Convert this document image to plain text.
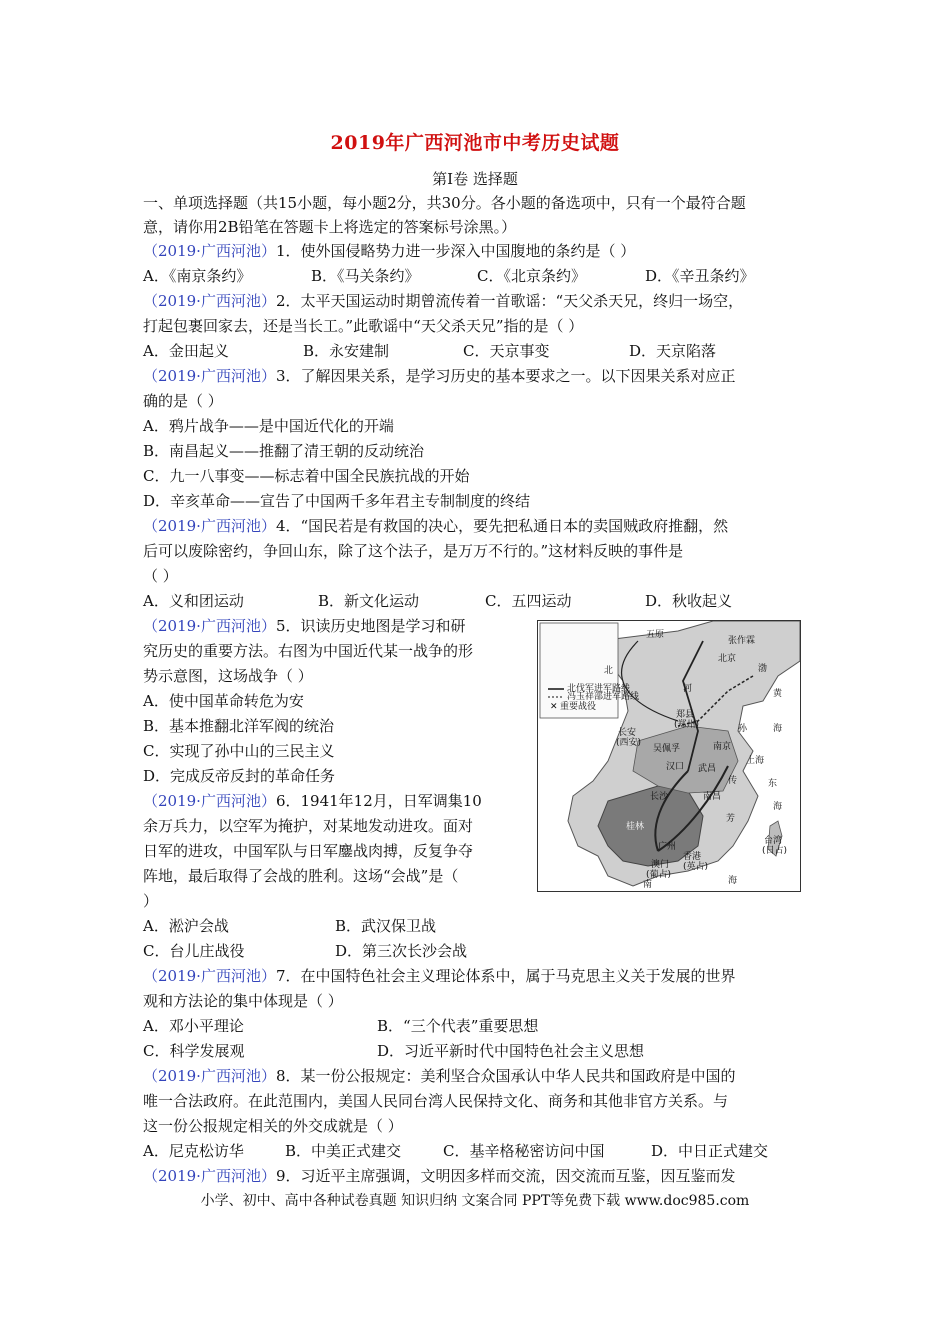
2019年广西河池市中考历史试题
第Ⅰ卷 选择题
一、单项选择题（共15小题，每小题2分，共30分。各小题的备选项中，只有一个最符合题
意，请你用2B铅笔在答题卡上将选定的答案标号涂黑。）
（2019·广西河池）1．使外国侵略势力进一步深入中国腹地的条约是（ ）
A．《南京条约》	B．《马关条约》	C．《北京条约》	D．《辛丑条约》
（2019·广西河池）2．太平天国运动时期曾流传着一首歌谣：“天父杀天兄，终归一场空，
打起包裹回家去，还是当长工。”此歌谣中“天父杀天兄”指的是（ ）
A．金田起义	B．永安建制	C．天京事变	D．天京陷落
（2019·广西河池）3．了解因果关系，是学习历史的基本要求之一。以下因果关系对应正
确的是（ ）
A．鸦片战争——是中国近代化的开端
B．南昌起义——推翻了清王朝的反动统治
C．九一八事变——标志着中国全民族抗战的开始
D．辛亥革命——宣告了中国两千多年君主专制制度的终结
（2019·广西河池）4．“国民若是有救国的决心，要先把私通日本的卖国贼政府推翻，然
后可以废除密约，争回山东，除了这个法子，是万万不行的。”这材料反映的事件是
（ ）
A．义和团运动	B．新文化运动	C．五四运动	D．秋收起义
（2019·广西河池）5．识读历史地图是学习和研
究历史的重要方法。右图为中国近代某一战争的形
势示意图，这场战争（ ）
A．使中国革命转危为安
B．基本推翻北洋军阀的统治
C．实现了孙中山的三民主义
D．完成反帝反封的革命任务
✕
北伐军进军路线
冯玉祥部进军路线
重要战役
张作霖
北京
五原
长安
(西安)
郑县
(郑州)
吴佩孚	南京
上海
汉口 武昌
长沙	南昌
孙
传
芳
东
海
黄
渤
海
河
广州
香港
(英占)
澳门
(葡占)
台湾
(日占)
桂林
南	海
北
（2019·广西河池）6．1941年12月，日军调集10
余万兵力，以空军为掩护，对某地发动进攻。面对
日军的进攻，中国军队与日军鏖战肉搏，反复争夺
阵地，最后取得了会战的胜利。这场“会战”是（
）
A．淞沪会战	B．武汉保卫战
C．台儿庄战役	D．第三次长沙会战
（2019·广西河池）7．在中国特色社会主义理论体系中，属于马克思主义关于发展的世界
观和方法论的集中体现是（ ）
A．邓小平理论	B．“三个代表”重要思想
C．科学发展观	D．习近平新时代中国特色社会主义思想
（2019·广西河池）8．某一份公报规定：美利坚合众国承认中华人民共和国政府是中国的
唯一合法政府。在此范围内，美国人民同台湾人民保持文化、商务和其他非官方关系。与
这一份公报规定相关的外交成就是（ ）
A．尼克松访华	B．中美正式建交	C．基辛格秘密访问中国	D．中日正式建交
（2019·广西河池）9．习近平主席强调，文明因多样而交流，因交流而互鉴，因互鉴而发
小学、初中、高中各种试卷真题 知识归纳 文案合同 PPT等免费下载 www.doc985.com
